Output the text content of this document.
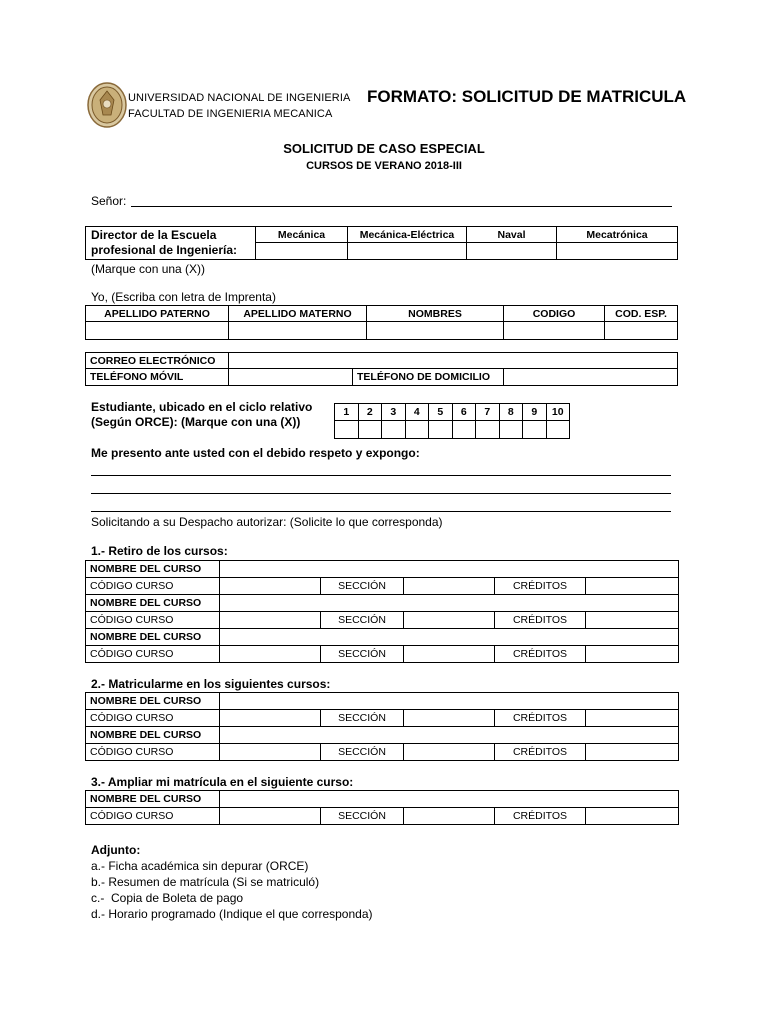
UNIVERSIDAD NACIONAL DE INGENIERIA
FACULTAD DE INGENIERIA MECANICA
FORMATO: SOLICITUD DE MATRICULA
SOLICITUD DE CASO ESPECIAL
CURSOS DE VERANO 2018-III
Señor:
Director de la Escuela
profesional de Ingeniería:	Mecánica	Mecánica-Eléctrica	Naval	Mecatrónica

(Marque con una (X))
Yo, (Escriba con letra de Imprenta)
APELLIDO PATERNO	APELLIDO MATERNO	NOMBRES	CODIGO	COD. ESP.

CORREO ELECTRÓNICO			
TELÉFONO MÓVIL		TELÉFONO DE DOMICILIO	
Estudiante, ubicado en el ciclo relativo
(Según ORCE): (Marque con una (X))
1	2	3	4	5	6	7	8	9	10

Me presento ante usted con el debido respeto y expongo:
Solicitando a su Despacho autorizar: (Solicite lo que corresponda)
1.- Retiro de los cursos:
NOMBRE DEL CURSO					
CÓDIGO CURSO		SECCIÓN		CRÉDITOS	
NOMBRE DEL CURSO					
CÓDIGO CURSO		SECCIÓN		CRÉDITOS	
NOMBRE DEL CURSO					
CÓDIGO CURSO		SECCIÓN		CRÉDITOS	
2.- Matricularme en los siguientes cursos:
NOMBRE DEL CURSO					
CÓDIGO CURSO		SECCIÓN		CRÉDITOS	
NOMBRE DEL CURSO					
CÓDIGO CURSO		SECCIÓN		CRÉDITOS	
3.- Ampliar mi matrícula en el siguiente curso:
NOMBRE DEL CURSO					
CÓDIGO CURSO		SECCIÓN		CRÉDITOS	
Adjunto:
a.- Ficha académica sin depurar (ORCE)
b.- Resumen de matrícula (Si se matriculó)
c.-  Copia de Boleta de pago
d.- Horario programado (Indique el que corresponda)
